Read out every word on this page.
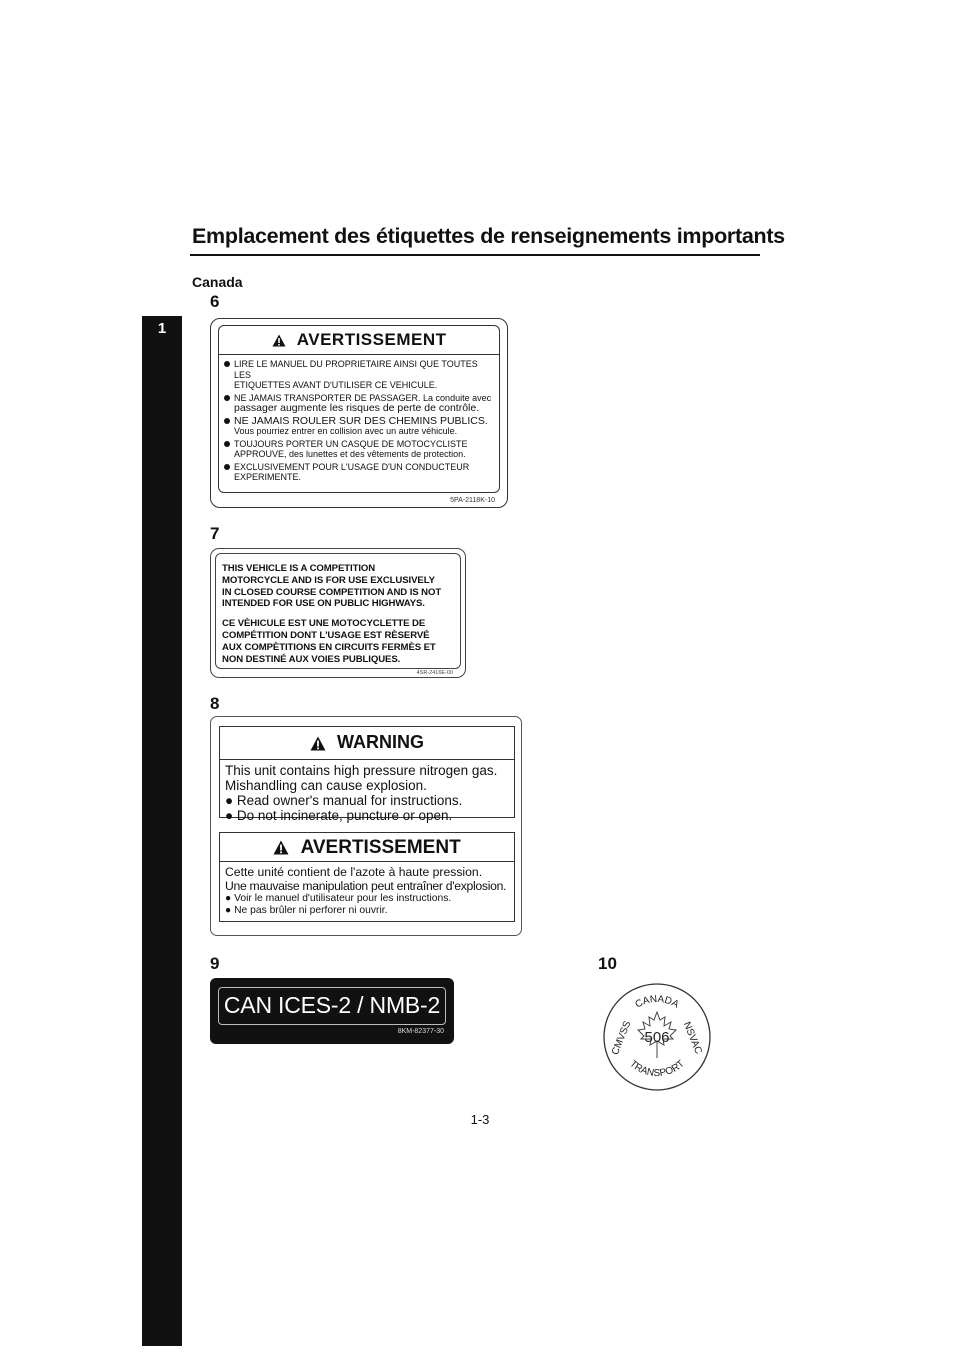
Emplacement des étiquettes de renseignements importants
1
Canada
6
AVERTISSEMENT
LIRE LE MANUEL DU PROPRIETAIRE AINSI QUE TOUTES LES
ETIQUETTES AVANT D'UTILISER CE VEHICULE.
NE JAMAIS TRANSPORTER DE PASSAGER. La conduite avec
passager augmente les risques de perte de contrôle.
NE JAMAIS ROULER SUR DES CHEMINS PUBLICS.
Vous pourriez entrer en collision avec un autre véhicule.
TOUJOURS PORTER UN CASQUE DE MOTOCYCLISTE
APPROUVE, des lunettes et des vêtements de protection.
EXCLUSIVEMENT POUR L'USAGE D'UN CONDUCTEUR
EXPERIMENTE.
5PA-2118K-10
7
THIS VEHICLE IS A COMPETITION
MOTORCYCLE AND IS FOR USE EXCLUSIVELY
IN CLOSED COURSE COMPETITION AND IS NOT
INTENDED FOR USE ON PUBLIC HIGHWAYS.
CE VÈHICULE EST UNE MOTOCYCLETTE DE
COMPÉTITION DONT L'USAGE EST RÈSERVÉ
AUX COMPÈTITIONS EN CIRCUITS FERMÈS ET
NON DESTINÉ AUX VOIES PUBLIQUES.
4SR-2416E-00
8
WARNING
This unit contains high pressure nitrogen gas.
Mishandling can cause explosion.
● Read owner's manual for instructions.
● Do not incinerate, puncture or open.
AVERTISSEMENT
Cette unité contient de l'azote à haute pression.
Une mauvaise manipulation peut entraîner d'explosion.
● Voir le manuel d'utilisateur pour les instructions.
● Ne pas brûler ni perforer ni ouvrir.
9
CAN ICES-2 / NMB-2
8KM-82377-30
10
CANADA
CMVSS	NSVAC
TRANSPORT
506
1-3
